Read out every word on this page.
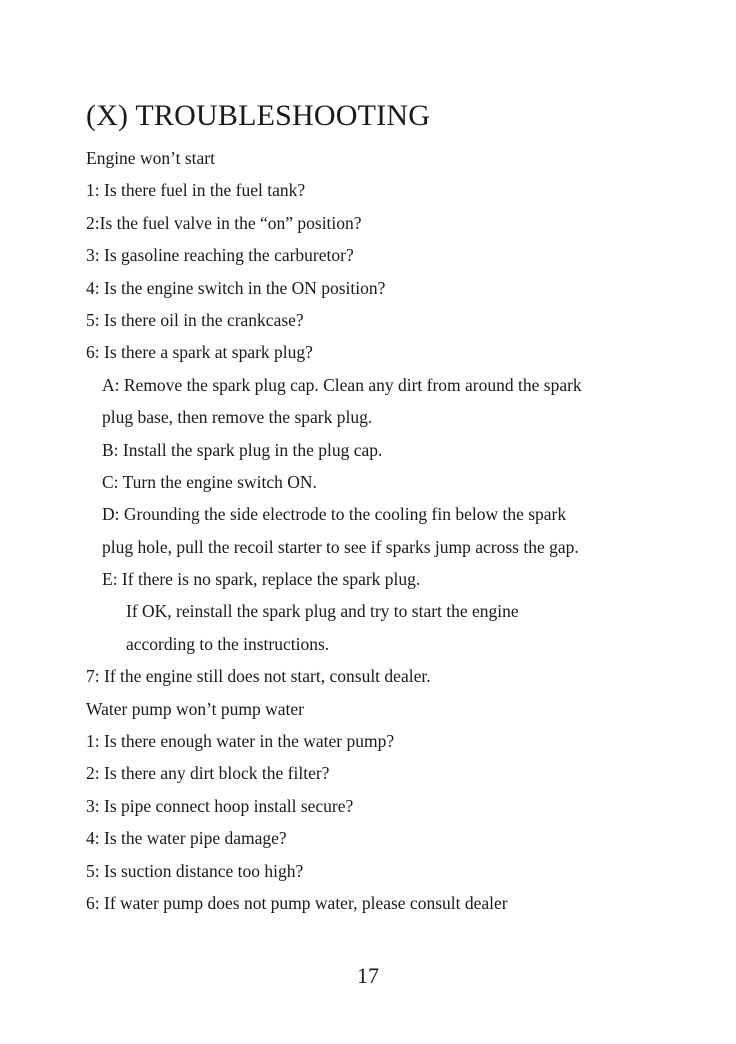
(X) TROUBLESHOOTING
Engine won’t start
1: Is there fuel in the fuel tank?
2:Is the fuel valve in the “on” position?
3: Is gasoline reaching the carburetor?
4: Is the engine switch in the ON position?
5: Is there oil in the crankcase?
6: Is there a spark at spark plug?
A: Remove the spark plug cap. Clean any dirt from around the spark
plug base, then remove the spark plug.
B: Install the spark plug in the plug cap.
C: Turn the engine switch ON.
D: Grounding the side electrode to the cooling fin below the spark
plug hole, pull the recoil starter to see if sparks jump across the gap.
E: If there is no spark, replace the spark plug.
If OK, reinstall the spark plug and try to start the engine
according to the instructions.
7: If the engine still does not start, consult dealer.
Water pump won’t pump water
1: Is there enough water in the water pump?
2: Is there any dirt block the filter?
3: Is pipe connect hoop install secure?
4: Is the water pipe damage?
5: Is suction distance too high?
6: If water pump does not pump water, please consult dealer
17
